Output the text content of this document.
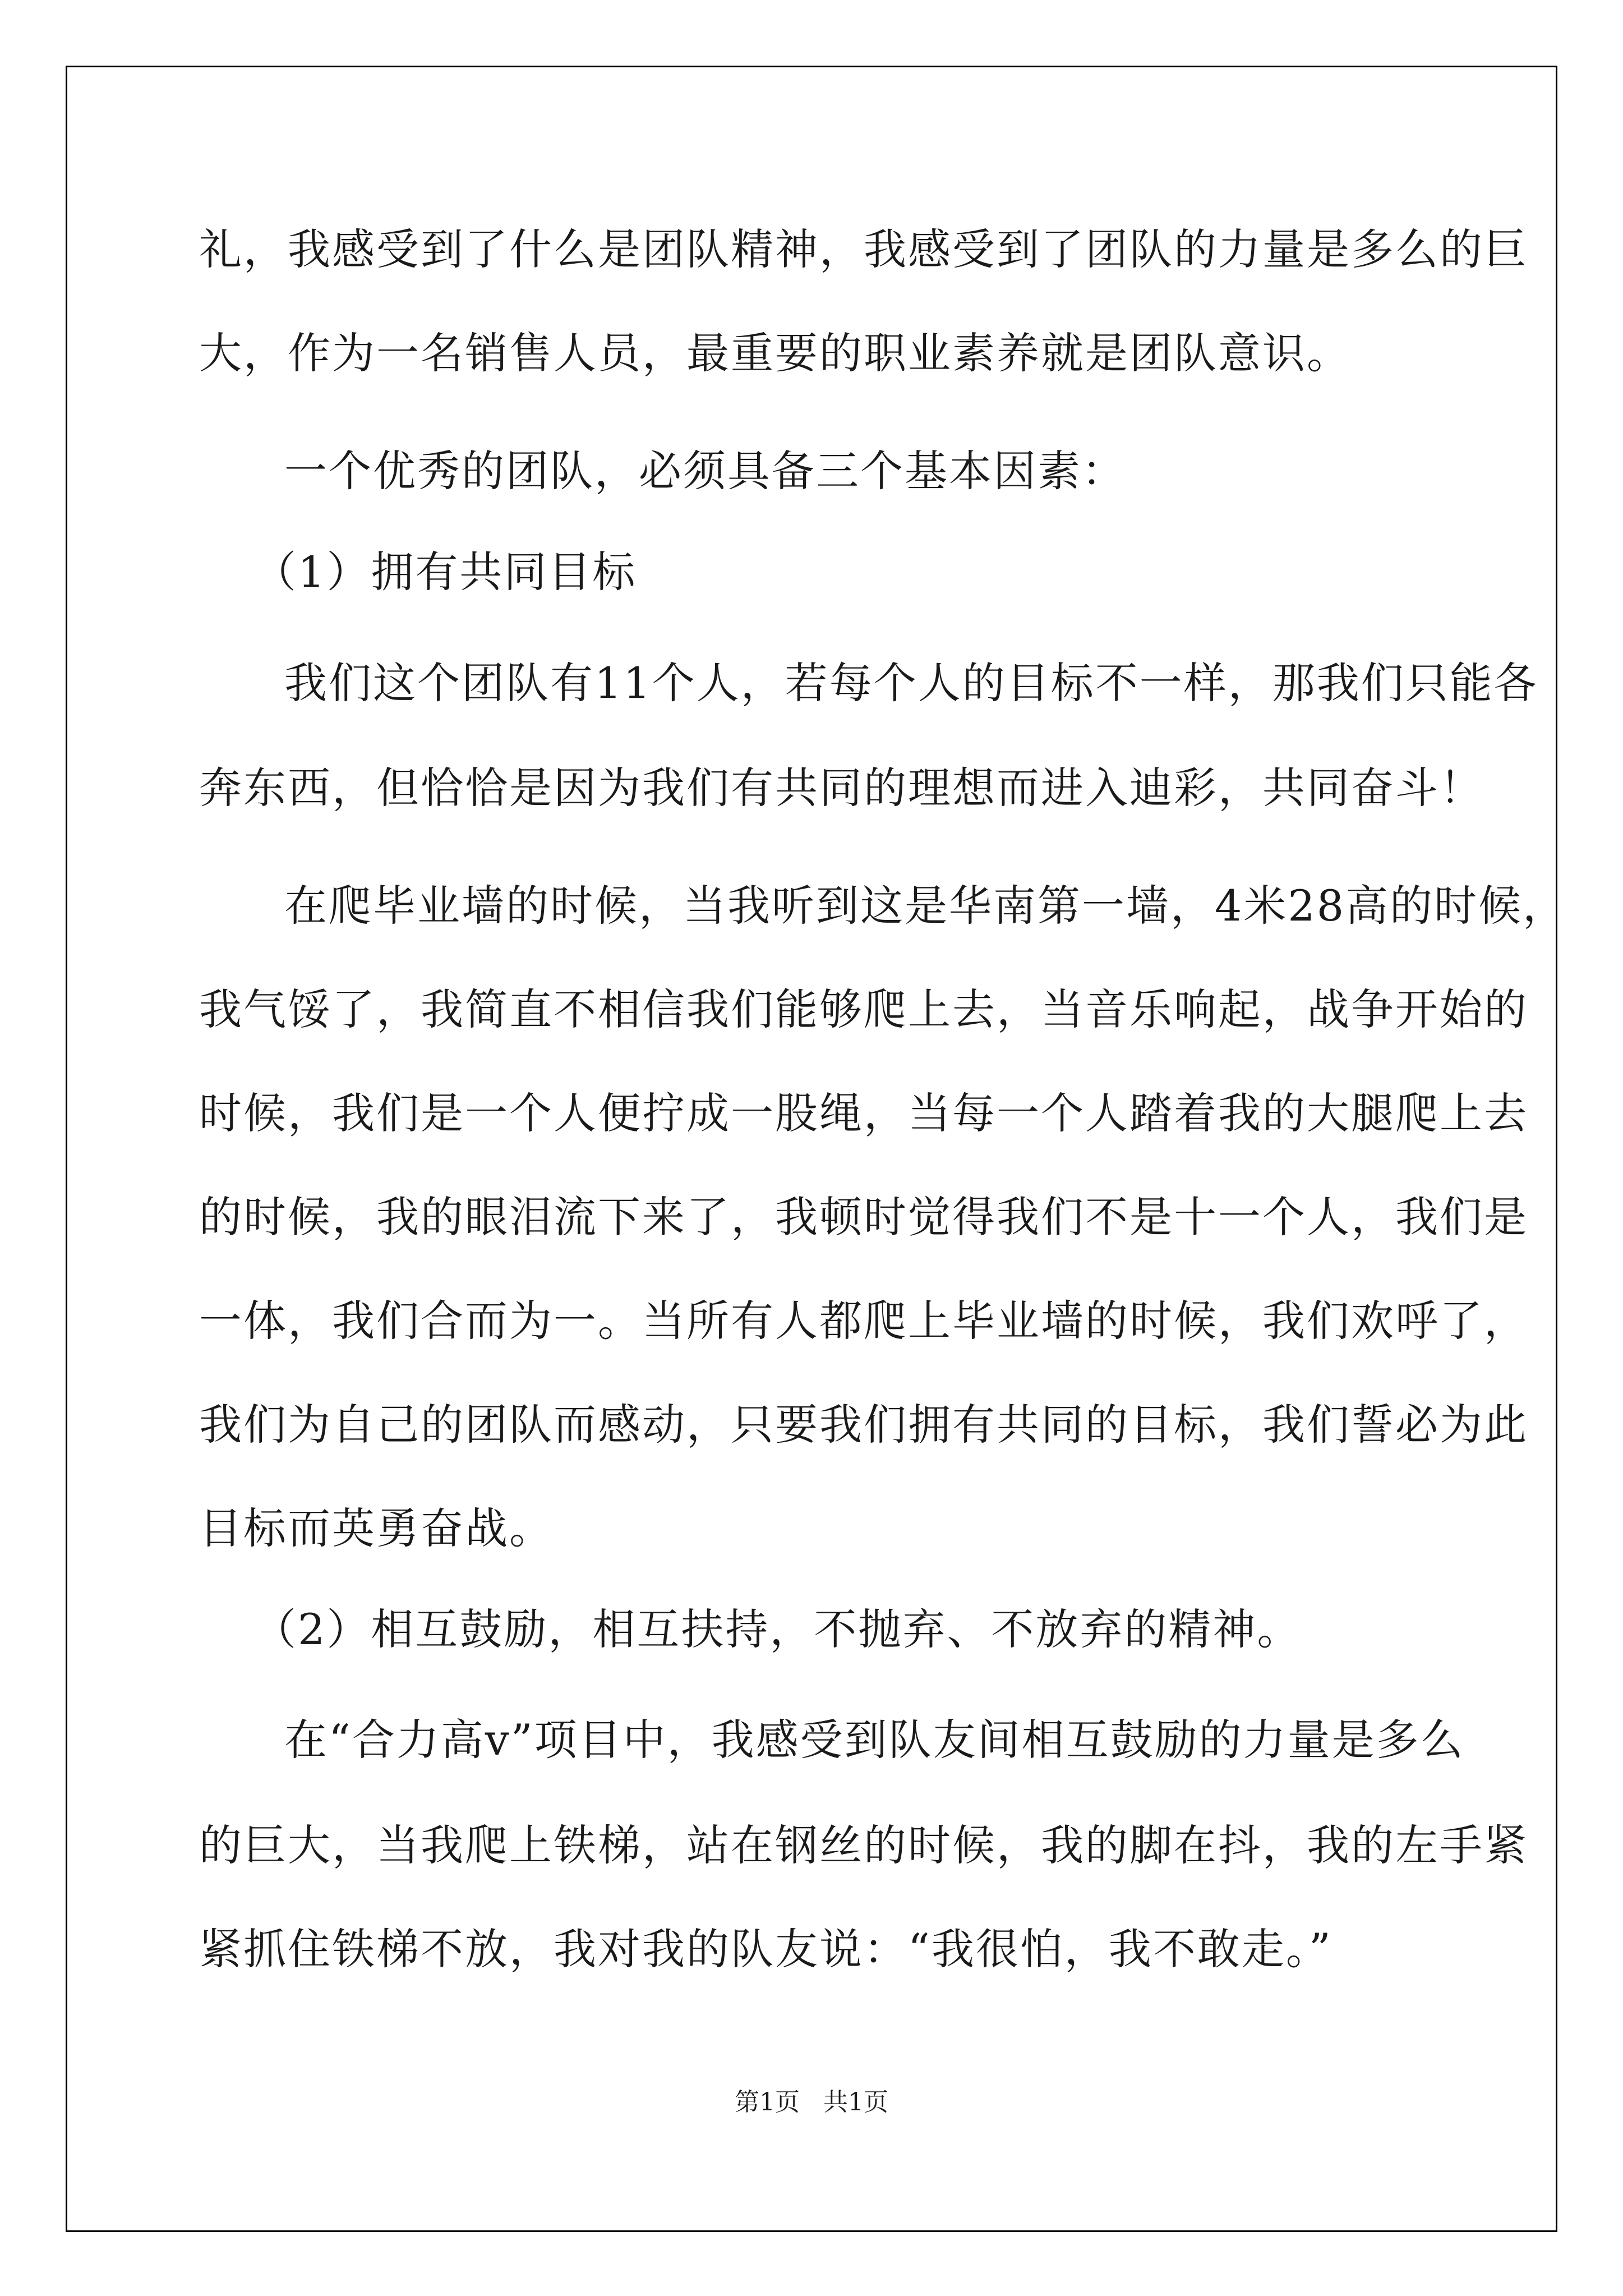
礼，我感受到了什么是团队精神，我感受到了团队的力量是多么的巨
大，作为一名销售人员，最重要的职业素养就是团队意识。
一个优秀的团队，必须具备三个基本因素：
（1）拥有共同目标
我们这个团队有11个人，若每个人的目标不一样，那我们只能各
奔东西，但恰恰是因为我们有共同的理想而进入迪彩，共同奋斗！
在爬毕业墙的时候，当我听到这是华南第一墙，4米28高的时候，
我气馁了，我简直不相信我们能够爬上去，当音乐响起，战争开始的
时候，我们是一个人便拧成一股绳，当每一个人踏着我的大腿爬上去
的时候，我的眼泪流下来了，我顿时觉得我们不是十一个人，我们是
一体，我们合而为一。当所有人都爬上毕业墙的时候，我们欢呼了，
我们为自己的团队而感动，只要我们拥有共同的目标，我们誓必为此
目标而英勇奋战。
（2）相互鼓励，相互扶持，不抛弃、不放弃的精神。
在“合力高v”项目中，我感受到队友间相互鼓励的力量是多么
的巨大，当我爬上铁梯，站在钢丝的时候，我的脚在抖，我的左手紧
紧抓住铁梯不放，我对我的队友说：“我很怕，我不敢走。”
第1页   共1页
